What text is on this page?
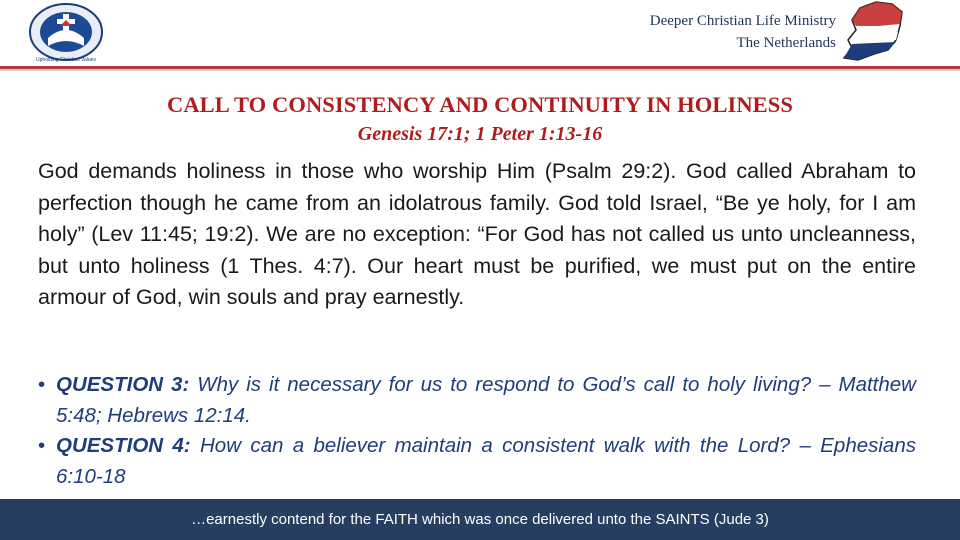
Upholding Christian Values
Deeper Christian Life Ministry
The Netherlands
CALL TO CONSISTENCY AND CONTINUITY IN HOLINESS
Genesis 17:1; 1 Peter 1:13-16
God demands holiness in those who worship Him (Psalm 29:2). God called Abraham to perfection though he came from an idolatrous family. God told Israel, “Be ye holy, for I am holy” (Lev 11:45; 19:2). We are no exception: “For God has not called us unto uncleanness, but unto holiness (1 Thes. 4:7). Our heart must be purified, we must put on the entire armour of God, win souls and pray earnestly.
• QUESTION 3: Why is it necessary for us to respond to God’s call to holy living? – Matthew 5:48; Hebrews 12:14.
• QUESTION 4: How can a believer maintain a consistent walk with the Lord? – Ephesians 6:10-18
…earnestly contend for the FAITH which was once delivered unto the SAINTS (Jude 3)
